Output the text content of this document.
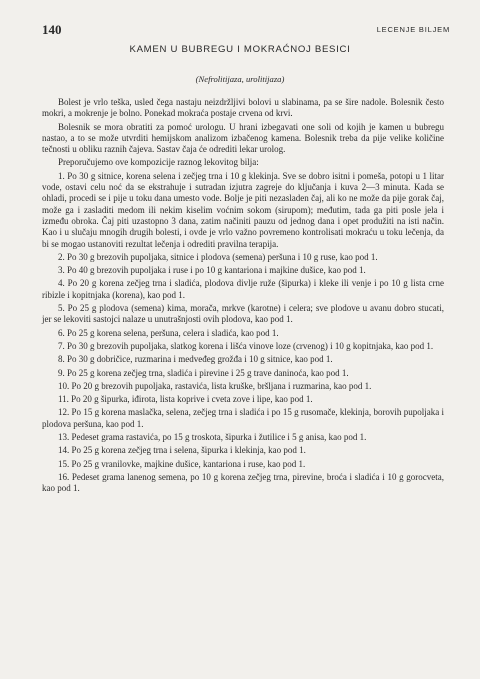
140	LECENJE BILJEM
KAMEN U BUBREGU I MOKRAĆNOJ BESICI
(Nefrolitijaza, urolitijaza)

Bolest je vrlo teška, usled čega nastaju neizdržljivi bolovi u slabinama, pa se šire nadole. Bolesnik često mokri, a mokrenje je bolno. Ponekad mokraća postaje crvena od krvi.

Bolesnik se mora obratiti za pomoć urologu. U hrani izbegavati one soli od kojih je kamen u bubregu nastao, a to se može utvrditi hemijskom analizom izbačenog kamena. Bolesnik treba da pije velike količine tečnosti u obliku raznih čajeva. Sastav čaja će odrediti lekar urolog.

Preporučujemo ove kompozicije raznog lekovitog bilja:

1. Po 30 g sitnice, korena selena i zečjeg trna i 10 g klekinja. Sve se dobro isitni i pomeša, potopi u 1 litar vode, ostavi celu noć da se ekstrahuje i sutradan izjutra zagreje do ključanja i kuva 2—3 minuta. Kada se ohladi, procedi se i pije u toku dana umesto vode. Bolje je piti nezasladen čaj, ali ko ne može da pije gorak čaj, može ga i zasladiti medom ili nekim kiselim voćnim sokom (sirupom); međutim, tada ga piti posle jela i između obroka. Čaj piti uzastopno 3 dana, zatim načiniti pauzu od jednog dana i opet produžiti na isti način. Kao i u slučaju mnogih drugih bolesti, i ovde je vrlo važno povremeno kontrolisati mokraću u toku lečenja, da bi se mogao ustanoviti rezultat lečenja i odrediti pravilna terapija.

2. Po 30 g brezovih pupoljaka, sitnice i plodova (semena) peršuna i 10 g ruse, kao pod 1.

3. Po 40 g brezovih pupoljaka i ruse i po 10 g kantariona i majkine dušice, kao pod 1.

4. Po 20 g korena zečjeg trna i sladića, plodova divlje ruže (šipurka) i kleke ili venje i po 10 g lista crne ribizle i kopitnjaka (korena), kao pod 1.

5. Po 25 g plodova (semena) kima, morača, mrkve (karotne) i celera; sve plodove u avanu dobro stucati, jer se lekoviti sastojci nalaze u unutrašnjosti ovih plodova, kao pod 1.

6. Po 25 g korena selena, peršuna, celera i sladića, kao pod 1.

7. Po 30 g brezovih pupoljaka, slatkog korena i lišća vinove loze (crvenog) i 10 g kopitnjaka, kao pod 1.

8. Po 30 g dobričice, ruzmarina i medveđeg grožđa i 10 g sitnice, kao pod 1.

9. Po 25 g korena zečjeg trna, sladića i pirevine i 25 g trave daninoća, kao pod 1.

10. Po 20 g brezovih pupoljaka, rastavića, lista kruške, bršljana i ruzmarina, kao pod 1.

11. Po 20 g šipurka, iđirota, lista koprive i cveta zove i lipe, kao pod 1.

12. Po 15 g korena maslačka, selena, zečjeg trna i sladića i po 15 g rusomače, klekinja, borovih pupoljaka i plodova peršuna, kao pod 1.

13. Pedeset grama rastavića, po 15 g troskota, šipurka i žutilice i 5 g anisa, kao pod 1.

14. Po 25 g korena zečjeg trna i selena, šipurka i klekinja, kao pod 1.

15. Po 25 g vranilovke, majkine dušice, kantariona i ruse, kao pod 1.

16. Pedeset grama lanenog semena, po 10 g korena zečjeg trna, pirevine, broća i sladića i 10 g gorocveta, kao pod 1.
